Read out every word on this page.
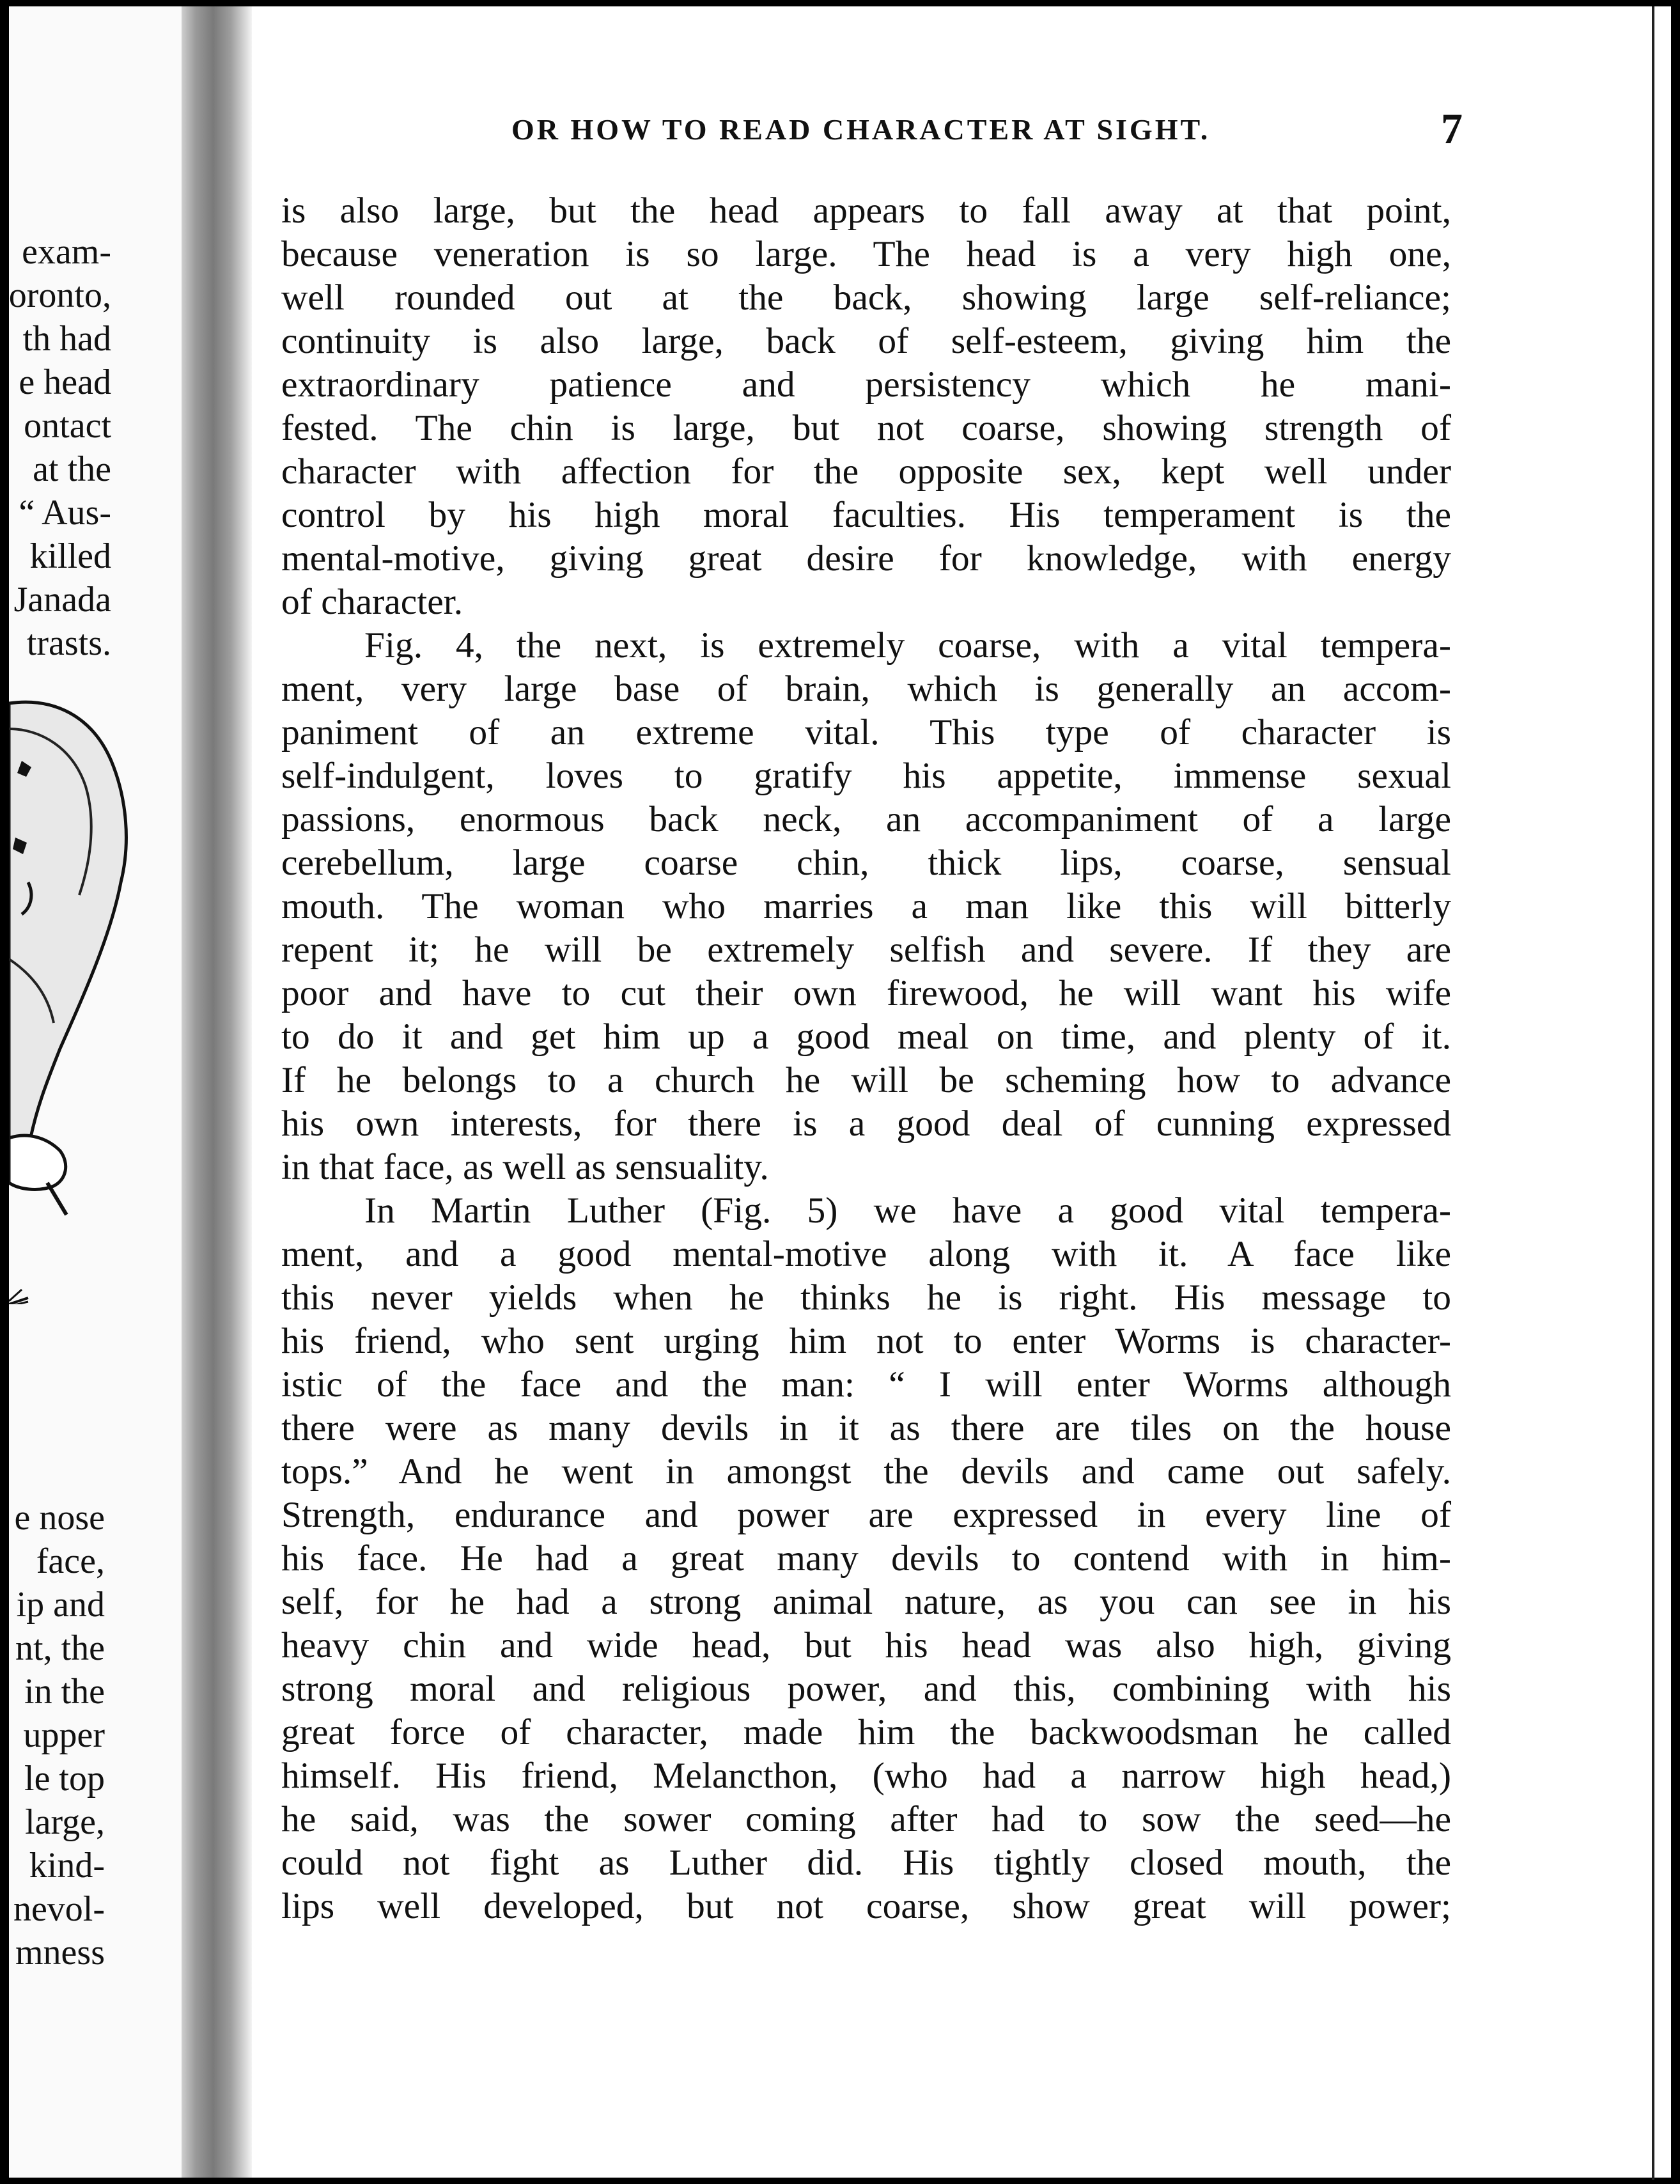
exam-
oronto,
th had
e head
ontact
at the
“ Aus-
killed
Janada
trasts.
e nose
face,
ip and
nt, the
in the
upper
le top
large,
kind-
nevol-
mness
OR HOW TO READ CHARACTER AT SIGHT.	7
is also large, but the head appears to fall away at that point,
because veneration is so large. The head is a very high one,
well rounded out at the back, showing large self-reliance;
continuity is also large, back of self-esteem, giving him the
extraordinary patience and persistency which he mani-
fested. The chin is large, but not coarse, showing strength of
character with affection for the opposite sex, kept well under
control by his high moral faculties. His temperament is the
mental-motive, giving great desire for knowledge, with energy
of character.
Fig. 4, the next, is extremely coarse, with a vital tempera-
ment, very large base of brain, which is generally an accom-
paniment of an extreme vital. This type of character is
self-indulgent, loves to gratify his appetite, immense sexual
passions, enormous back neck, an accompaniment of a large
cerebellum, large coarse chin, thick lips, coarse, sensual
mouth. The woman who marries a man like this will bitterly
repent it; he will be extremely selfish and severe. If they are
poor and have to cut their own firewood, he will want his wife
to do it and get him up a good meal on time, and plenty of it.
If he belongs to a church he will be scheming how to advance
his own interests, for there is a good deal of cunning expressed
in that face, as well as sensuality.
In Martin Luther (Fig. 5) we have a good vital tempera-
ment, and a good mental-motive along with it. A face like
this never yields when he thinks he is right. His message to
his friend, who sent urging him not to enter Worms is character-
istic of the face and the man: “ I will enter Worms although
there were as many devils in it as there are tiles on the house
tops.” And he went in amongst the devils and came out safely.
Strength, endurance and power are expressed in every line of
his face. He had a great many devils to contend with in him-
self, for he had a strong animal nature, as you can see in his
heavy chin and wide head, but his head was also high, giving
strong moral and religious power, and this, combining with his
great force of character, made him the backwoodsman he called
himself. His friend, Melancthon, (who had a narrow high head,)
he said, was the sower coming after had to sow the seed—he
could not fight as Luther did. His tightly closed mouth, the
lips well developed, but not coarse, show great will power;
